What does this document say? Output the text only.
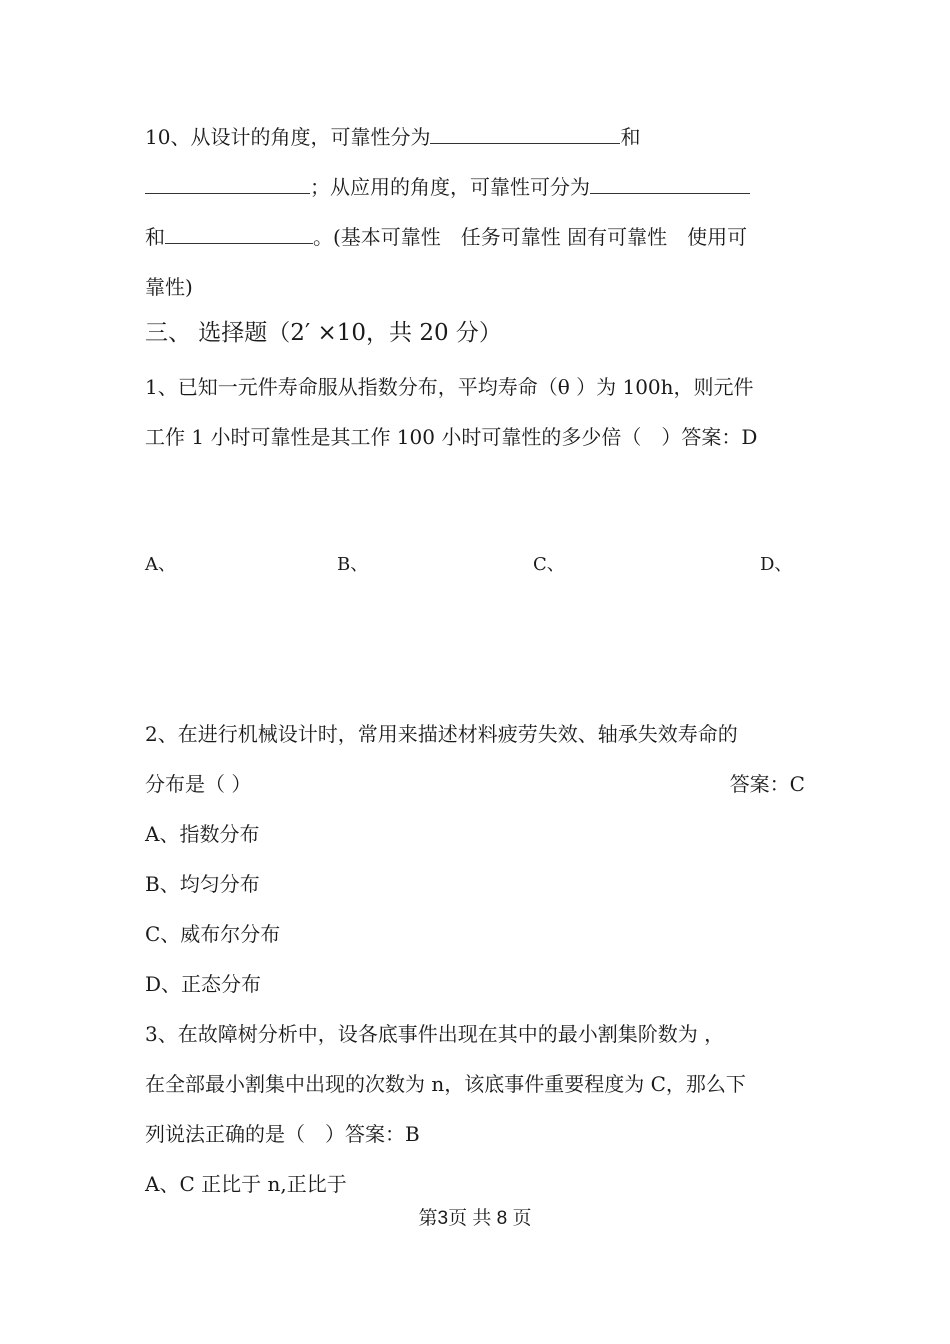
10、从设计的角度，可靠性分为	和
；从应用的角度，可靠性可分为
和	。(基本可靠性　任务可靠性 固有可靠性　使用可
靠性)
三、 选择题（2′ ×10，共 20 分）
1、已知一元件寿命服从指数分布，平均寿命（θ ）为 100h，则元件
工作 1 小时可靠性是其工作 100 小时可靠性的多少倍（　）答案：D
A、	B、	C、	D、
2、在进行机械设计时，常用来描述材料疲劳失效、轴承失效寿命的
分布是（ ）	答案：C
A、指数分布
B、均匀分布
C、威布尔分布
D、正态分布
3、在故障树分析中，设各底事件出现在其中的最小割集阶数为 ，
在全部最小割集中出现的次数为 n，该底事件重要程度为 C，那么下
列说法正确的是（　）答案：B
A、C 正比于 n,正比于
第3页 共 8 页
